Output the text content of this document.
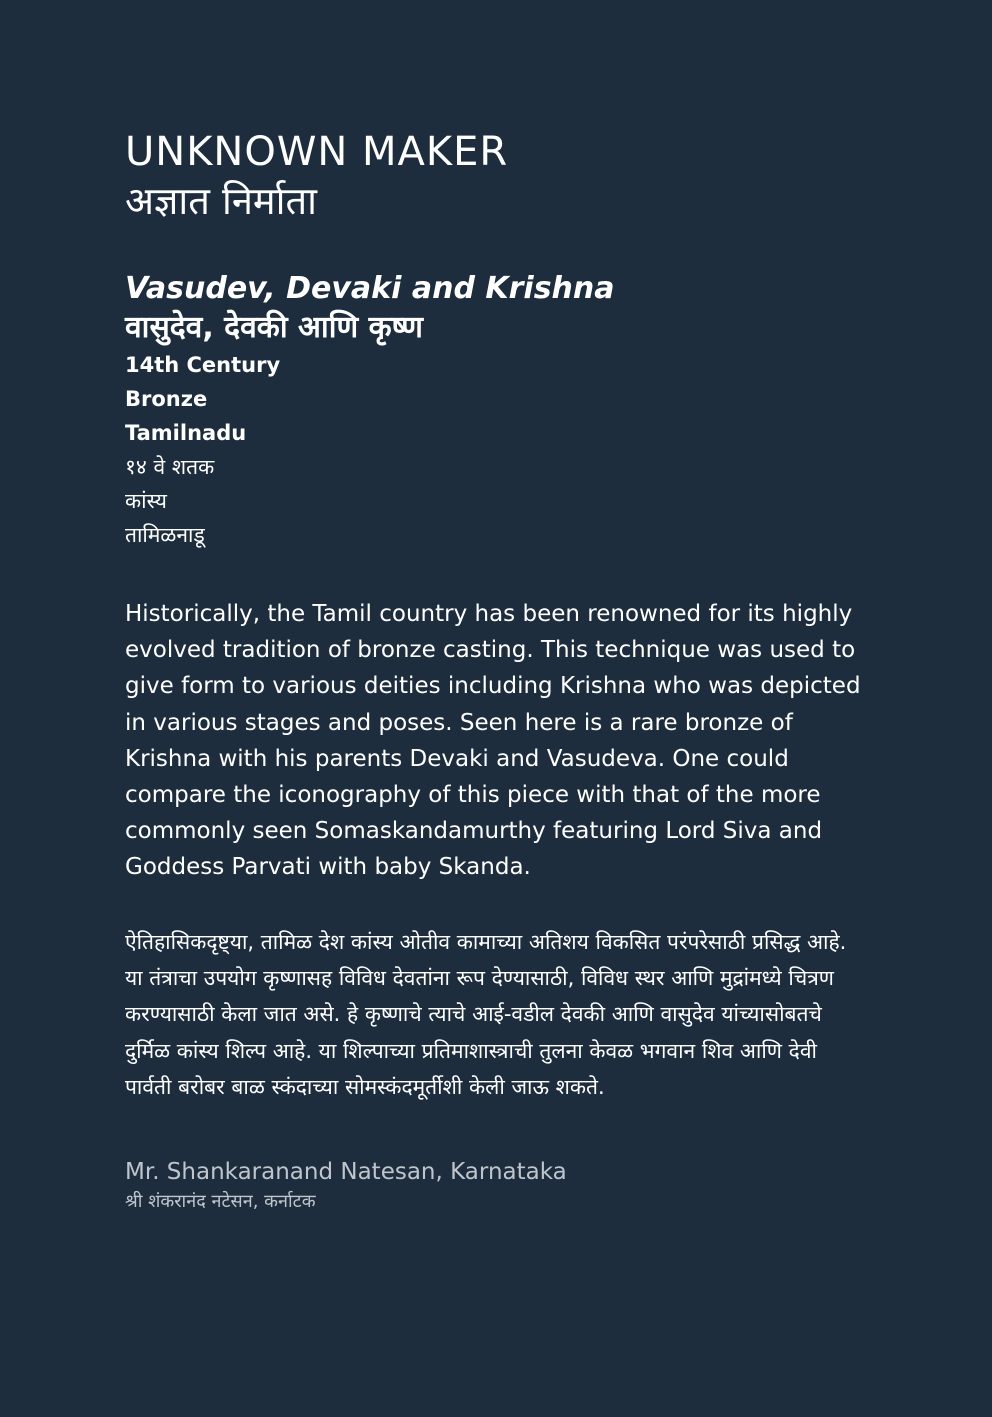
UNKNOWN MAKER
अज्ञात निर्माता
Vasudev, Devaki and Krishna
वासुदेव, देवकी आणि कृष्ण
14th Century
Bronze
Tamilnadu
१४ वे शतक
कांस्य
तामिळनाडू

Historically, the Tamil country has been renowned for its highly evolved tradition of bronze casting. This technique was used to give form to various deities including Krishna who was depicted in various stages and poses. Seen here is a rare bronze of Krishna with his parents Devaki and Vasudeva. One could compare the iconography of this piece with that of the more commonly seen Somaskandamurthy featuring Lord Siva and Goddess Parvati with baby Skanda.

ऐतिहासिकदृष्ट्या, तामिळ देश कांस्य ओतीव कामाच्या अतिशय विकसित परंपरेसाठी प्रसिद्ध आहे. या तंत्राचा उपयोग कृष्णासह विविध देवतांना रूप देण्यासाठी, विविध स्थर आणि मुद्रांमध्ये चित्रण करण्यासाठी केला जात असे. हे कृष्णाचे त्याचे आई-वडील देवकी आणि वासुदेव यांच्यासोबतचे दुर्मिळ कांस्य शिल्प आहे. या शिल्पाच्या प्रतिमाशास्त्राची तुलना केवळ भगवान शिव आणि देवी पार्वती बरोबर बाळ स्कंदाच्या सोमस्कंदमूर्तीशी केली जाऊ शकते.

Mr. Shankaranand Natesan, Karnataka
श्री शंकरानंद नटेसन, कर्नाटक
